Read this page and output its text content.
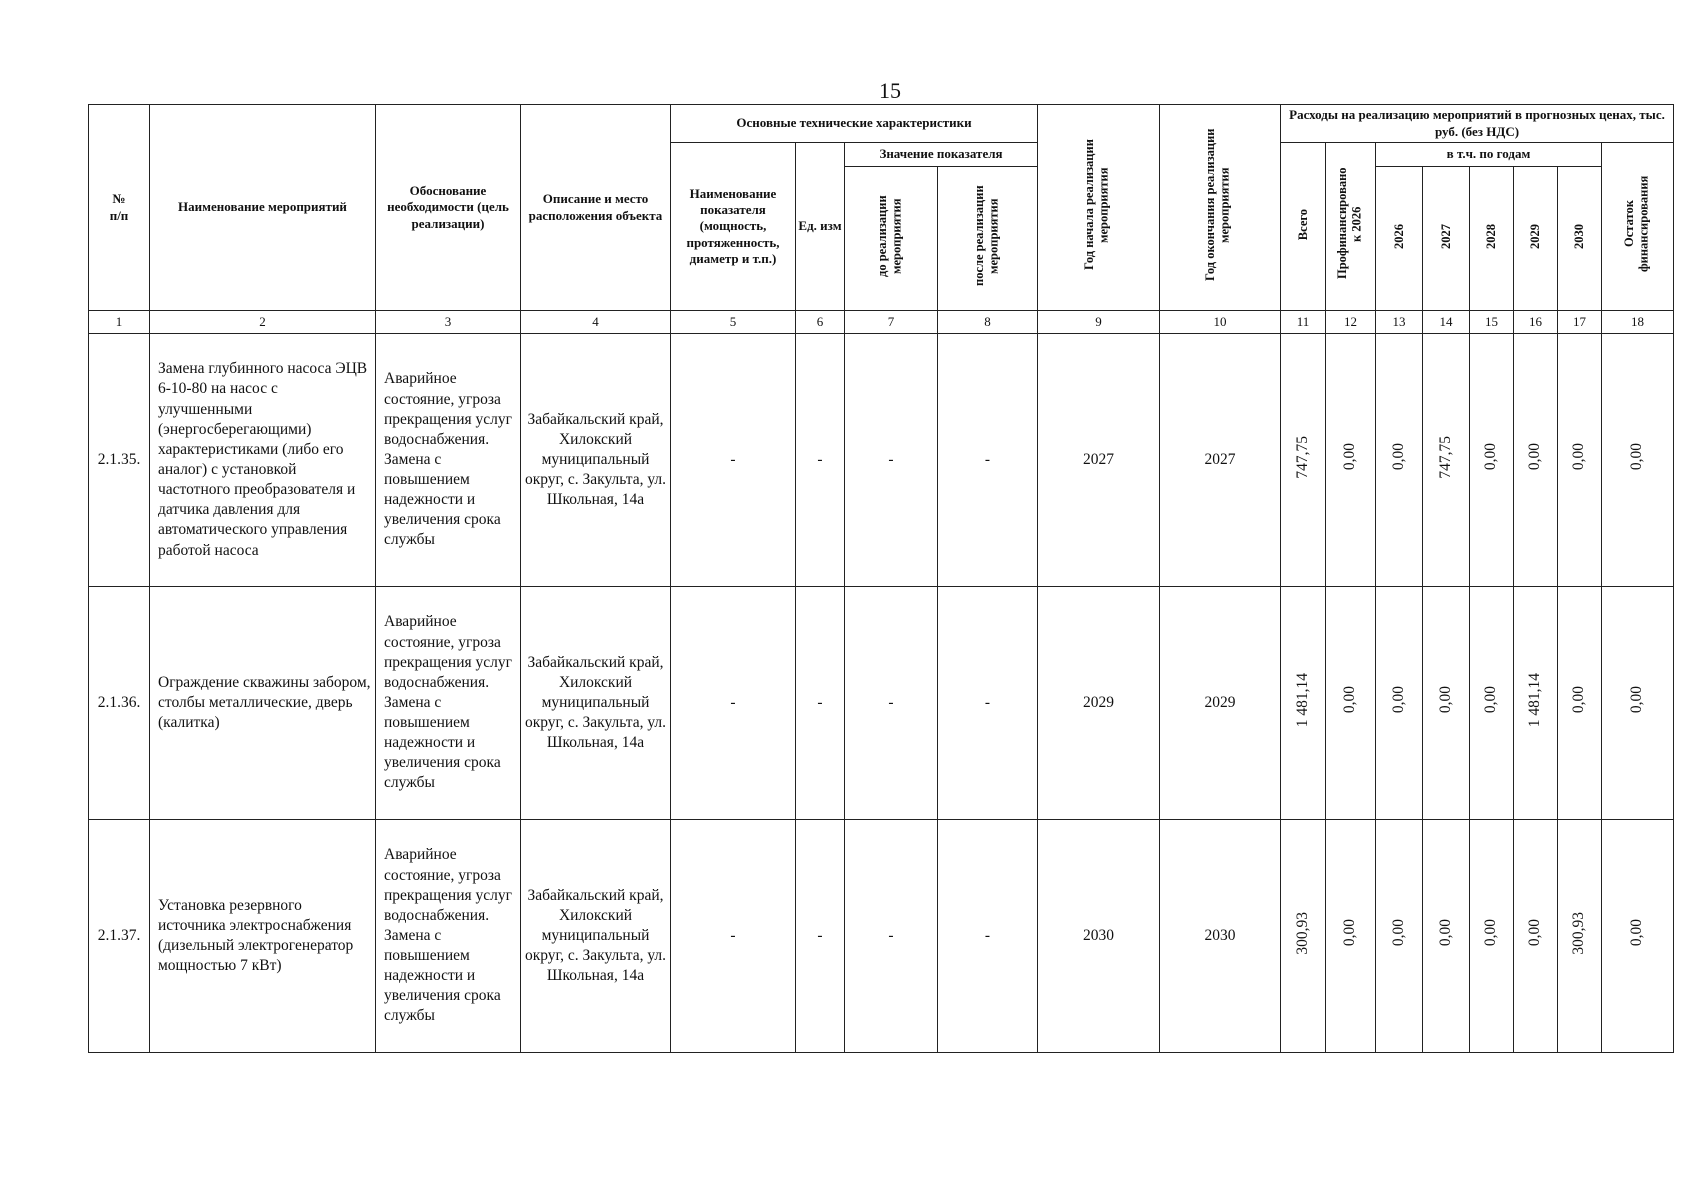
15
№
п/п	Наименование мероприятий	Обоснование необходимости (цель реализации)	Описание и место расположения объекта	Основные технические характеристики				Год начала реализации мероприятия	Год окончания реализации мероприятия	Расходы на реализацию мероприятий в прогнозных ценах, тыс. руб. (без НДС)							
				Наименование показателя (мощность, протяженность, диаметр и т.п.)	Ед. изм	Значение показателя				Всего	Профинансировано к 2026	в т.ч. по годам					Остаток финансирования
						до реализации мероприятия	после реализации мероприятия					2026	2027	2028	2029	2030	
1	2	3	4	5	6	7	8	9	10	11	12	13	14	15	16	17	18
2.1.35.	Замена глубинного насоса ЭЦВ 6-10-80 на насос с улучшенными (энергосберегающими) характеристиками (либо его аналог) с установкой частотного преобразователя и датчика давления для автоматического управления работой насоса	Аварийное состояние, угроза прекращения услуг водоснабжения. Замена с повышением надежности и увеличения срока службы	Забайкальский край, Хилокский муниципальный округ, с. Закульта, ул. Школьная, 14а	-	-	-	-	2027	2027	747,75	0,00	0,00	747,75	0,00	0,00	0,00	0,00
2.1.36.	Ограждение скважины забором, столбы металлические, дверь (калитка)	Аварийное состояние, угроза прекращения услуг водоснабжения. Замена с повышением надежности и увеличения срока службы	Забайкальский край, Хилокский муниципальный округ, с. Закульта, ул. Школьная, 14а	-	-	-	-	2029	2029	1 481,14	0,00	0,00	0,00	0,00	1 481,14	0,00	0,00
2.1.37.	Установка резервного источника электроснабжения (дизельный электрогенератор мощностью 7 кВт)	Аварийное состояние, угроза прекращения услуг водоснабжения. Замена с повышением надежности и увеличения срока службы	Забайкальский край, Хилокский муниципальный округ, с. Закульта, ул. Школьная, 14а	-	-	-	-	2030	2030	300,93	0,00	0,00	0,00	0,00	0,00	300,93	0,00
